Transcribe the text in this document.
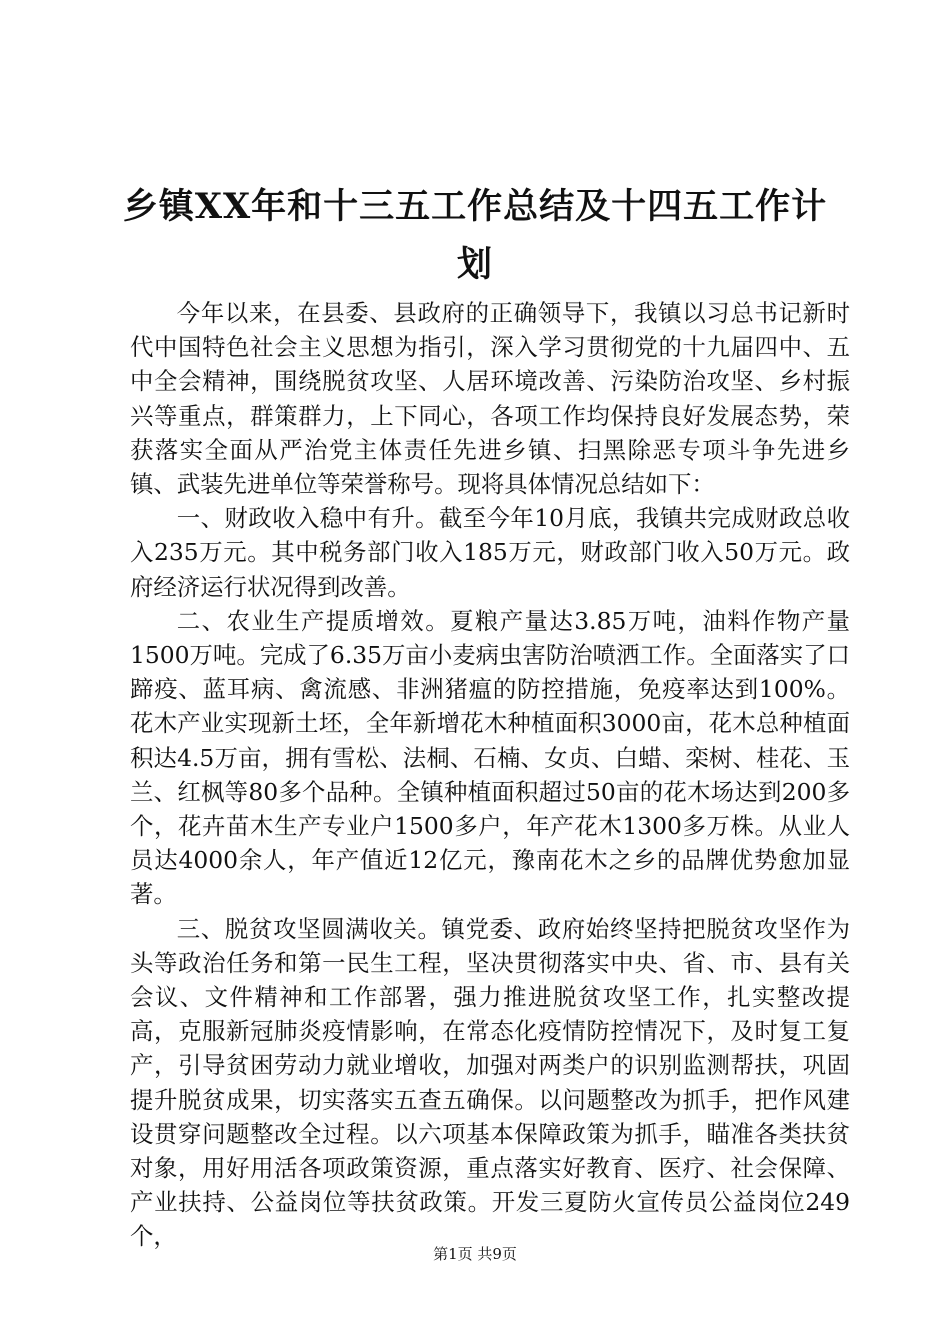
乡镇XX年和十三五工作总结及十四五工作计划

今年以来，在县委、县政府的正确领导下，我镇以习总书记新时代中国特色社会主义思想为指引，深入学习贯彻党的十九届四中、五中全会精神，围绕脱贫攻坚、人居环境改善、污染防治攻坚、乡村振兴等重点，群策群力，上下同心，各项工作均保持良好发展态势，荣获落实全面从严治党主体责任先进乡镇、扫黑除恶专项斗争先进乡镇、武装先进单位等荣誉称号。现将具体情况总结如下：

一、财政收入稳中有升。截至今年10月底，我镇共完成财政总收入235万元。其中税务部门收入185万元，财政部门收入50万元。政府经济运行状况得到改善。

二、农业生产提质增效。夏粮产量达3.85万吨，油料作物产量1500万吨。完成了6.35万亩小麦病虫害防治喷洒工作。全面落实了口蹄疫、蓝耳病、禽流感、非洲猪瘟的防控措施，免疫率达到100%。花木产业实现新土坯，全年新增花木种植面积3000亩，花木总种植面积达4.5万亩，拥有雪松、法桐、石楠、女贞、白蜡、栾树、桂花、玉兰、红枫等80多个品种。全镇种植面积超过50亩的花木场达到200多个，花卉苗木生产专业户1500多户，年产花木1300多万株。从业人员达4000余人，年产值近12亿元，豫南花木之乡的品牌优势愈加显著。

三、脱贫攻坚圆满收关。镇党委、政府始终坚持把脱贫攻坚作为头等政治任务和第一民生工程，坚决贯彻落实中央、省、市、县有关会议、文件精神和工作部署，强力推进脱贫攻坚工作，扎实整改提高，克服新冠肺炎疫情影响，在常态化疫情防控情况下，及时复工复产，引导贫困劳动力就业增收，加强对两类户的识别监测帮扶，巩固提升脱贫成果，切实落实五查五确保。以问题整改为抓手，把作风建设贯穿问题整改全过程。以六项基本保障政策为抓手，瞄准各类扶贫对象，用好用活各项政策资源，重点落实好教育、医疗、社会保障、产业扶持、公益岗位等扶贫政策。开发三夏防火宣传员公益岗位249个，

第1页 共9页
